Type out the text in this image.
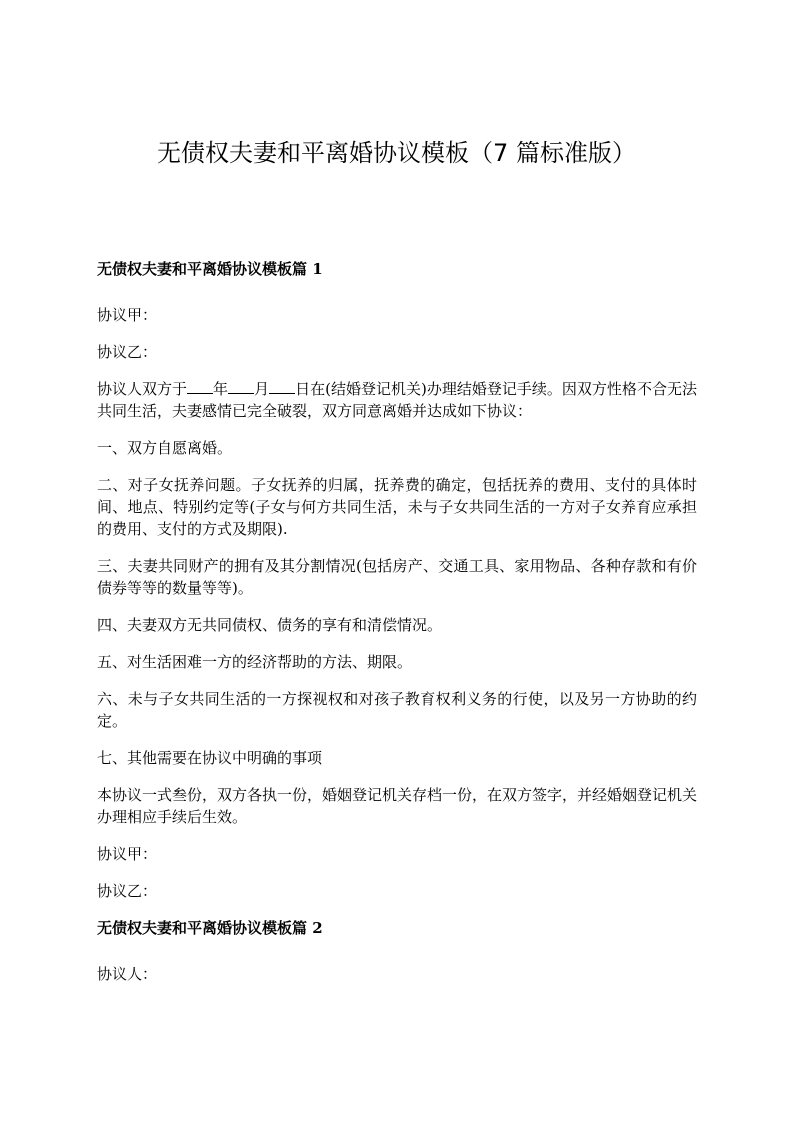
无债权夫妻和平离婚协议模板（7 篇标准版）

无债权夫妻和平离婚协议模板篇 1

协议甲：

协议乙：

协议人双方于 年 月 日在(结婚登记机关)办理结婚登记手续。因双方性格不合无法共同生活，夫妻感情已完全破裂，双方同意离婚并达成如下协议：

一、双方自愿离婚。

二、对子女抚养问题。子女抚养的归属，抚养费的确定，包括抚养的费用、支付的具体时间、地点、特别约定等(子女与何方共同生活，未与子女共同生活的一方对子女养育应承担的费用、支付的方式及期限).

三、夫妻共同财产的拥有及其分割情况(包括房产、交通工具、家用物品、各种存款和有价债券等等的数量等等)。

四、夫妻双方无共同债权、债务的享有和清偿情况。

五、对生活困难一方的经济帮助的方法、期限。

六、未与子女共同生活的一方探视权和对孩子教育权利义务的行使，以及另一方协助的约定。

七、其他需要在协议中明确的事项

本协议一式叁份，双方各执一份，婚姻登记机关存档一份，在双方签字，并经婚姻登记机关办理相应手续后生效。

协议甲：

协议乙：

无债权夫妻和平离婚协议模板篇 2

协议人：
